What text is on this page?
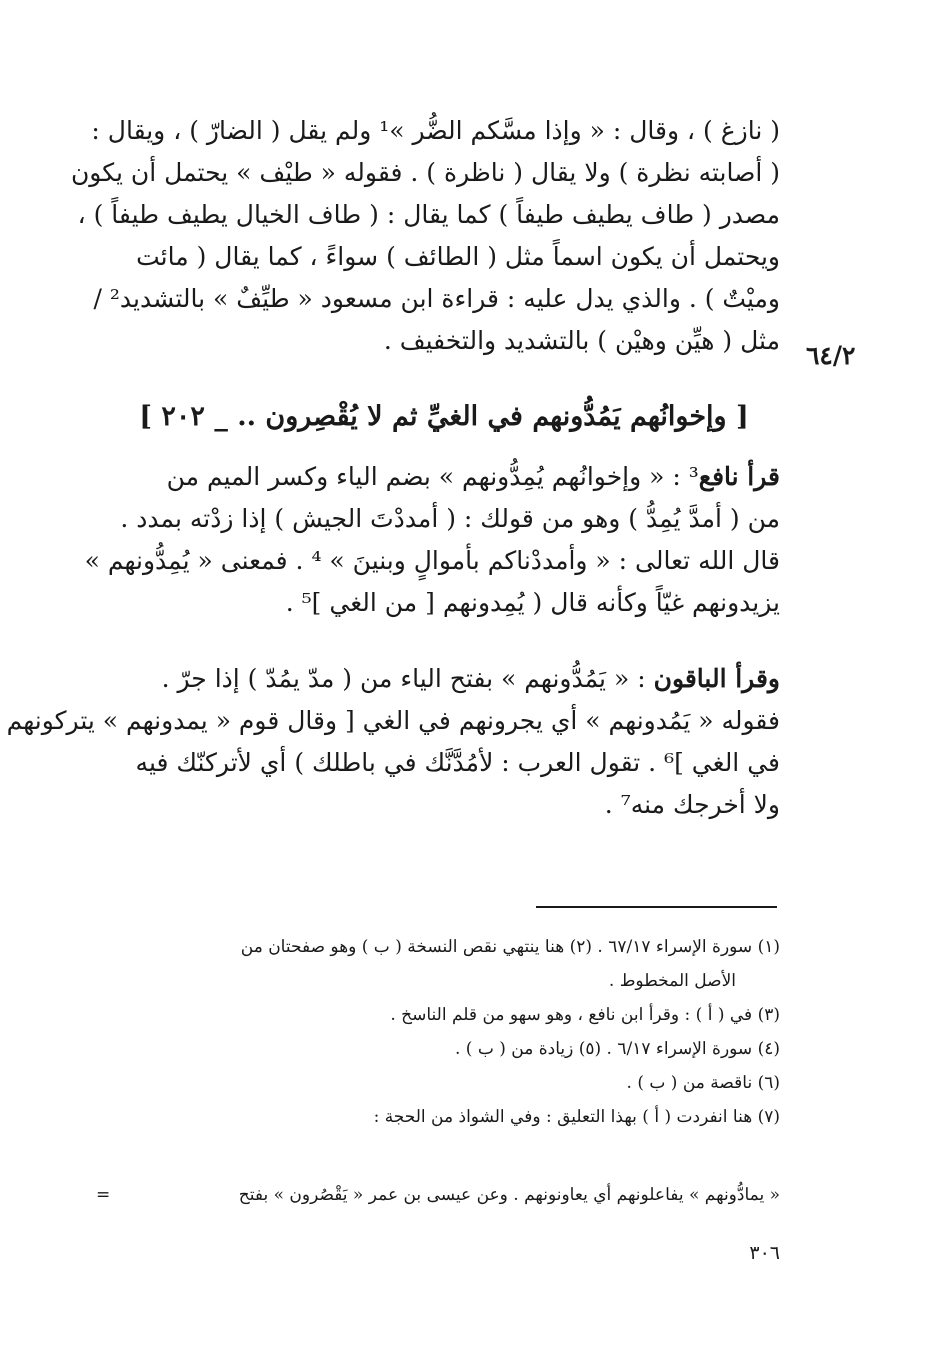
( نازغ ) ، وقال : « وإذا مسَّكم الضُّر »¹ ولم يقل ( الضارّ ) ، ويقال :
( أصابته نظرة ) ولا يقال ( ناظرة ) . فقوله « طيْف » يحتمل أن يكون
مصدر ( طاف يطيف طيفاً ) كما يقال : ( طاف الخيال يطيف طيفاً ) ،
ويحتمل أن يكون اسماً مثل ( الطائف ) سواءً ، كما يقال ( مائت
وميْتٌ ) . والذي يدل عليه : قراءة ابن مسعود « طيِّفٌ » بالتشديد² /
مثل ( هيِّن وهيْن ) بالتشديد والتخفيف .
٦٤/٢
[ وإخوانُهم يَمُدُّونهم في الغيِّ ثم لا يُقْصِرون .. _ ٢٠٢ ]
قرأ نافع³ : « وإخوانُهم يُمِدُّونهم » بضم الياء وكسر الميم من
من ( أمدَّ يُمِدُّ ) وهو من قولك : ( أمددْتَ الجيش ) إذا زدْته بمدد .
قال الله تعالى : « وأمددْناكم بأموالٍ وبنينَ » ⁴ . فمعنى « يُمِدُّونهم »
يزيدونهم غيّاً وكأنه قال ( يُمِدونهم [ من الغي ]⁵ .
وقرأ الباقون : « يَمُدُّونهم » بفتح الياء من ( مدّ يمُدّ ) إذا جرّ .
فقوله « يَمُدونهم » أي يجرونهم في الغي [ وقال قوم « يمدونهم » يتركونهم
في الغي ]⁶ . تقول العرب : لأمُدَّنَّك في باطلك ) أي لأتركنّك فيه
ولا أخرجك منه⁷ .
(١) سورة الإسراء ٦٧/١٧ . (٢) هنا ينتهي نقص النسخة ( ب ) وهو صفحتان من
الأصل المخطوط .
(٣) في ( أ ) : وقرأ ابن نافع ، وهو سهو من قلم الناسخ .
(٤) سورة الإسراء ٦/١٧ . (٥) زيادة من ( ب ) .
(٦) ناقصة من ( ب ) .
(٧) هنا انفردت ( أ ) بهذا التعليق : وفي الشواذ من الحجة :
« يمادُّونهم » يفاعلونهم أي يعاونونهم . وعن عيسى بن عمر « يَقْصُرون » بفتح
=
٣٠٦
